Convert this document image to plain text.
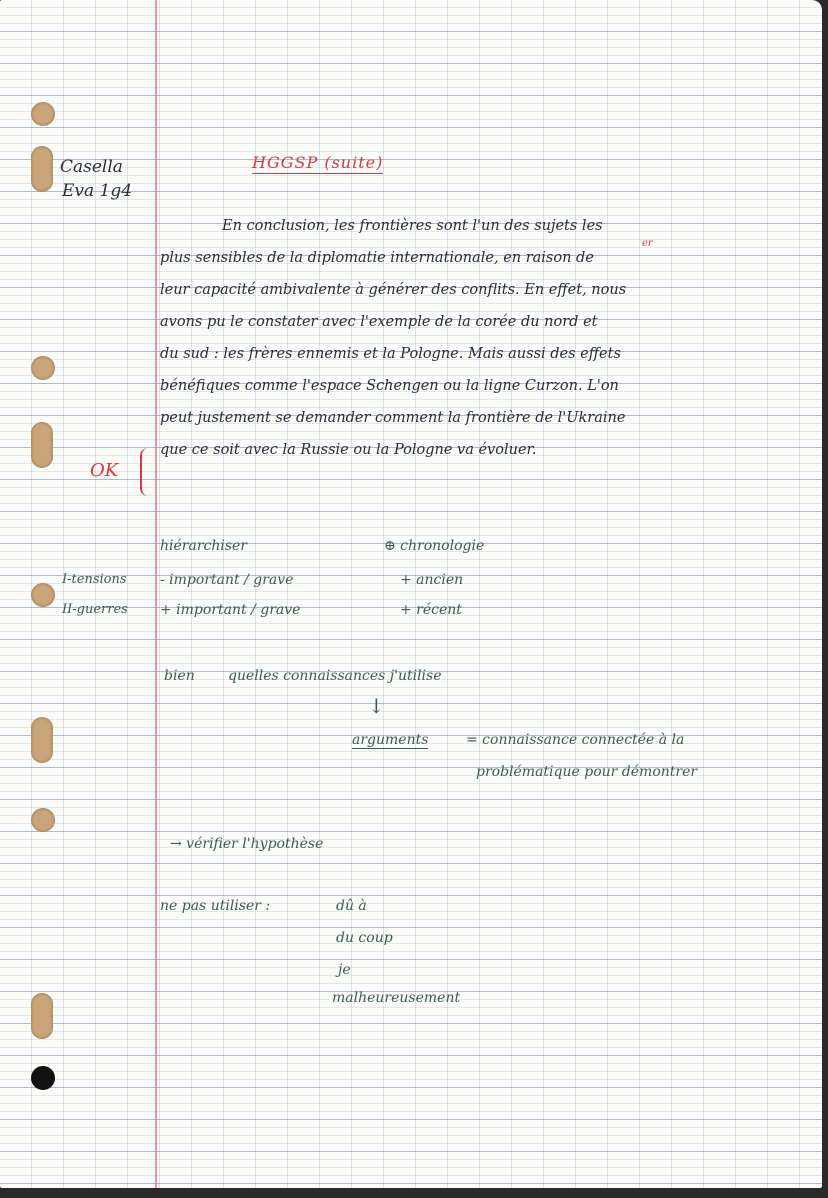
Casella
Eva 1g4
HGGSP (suite)

En conclusion, les frontières sont l'un des sujets les

plus sensibles de la diplomatie internationale, en raison de

leur capacité ambivalente à générer des conflits. En effet, nous

avons pu le constater avec l'exemple de la corée du nord et

du sud : les frères ennemis et la Pologne. Mais aussi des effets

bénéfiques comme l'espace Schengen ou la ligne Curzon. L'on

peut justement se demander comment la frontière de l'Ukraine

que ce soit avec la Russie ou la Pologne va évoluer.

er
OK
hiérarchiser
- important / grave
+ important / grave
I-tensions
II-guerres
⊕ chronologie
+ ancien
+ récent
bien quelles connaissances j'utilise
↓
arguments	= connaissance connectée à la
problématique pour démontrer
→ vérifier l'hypothèse
ne pas utiliser :	dû à
du coup
je
malheureusement
